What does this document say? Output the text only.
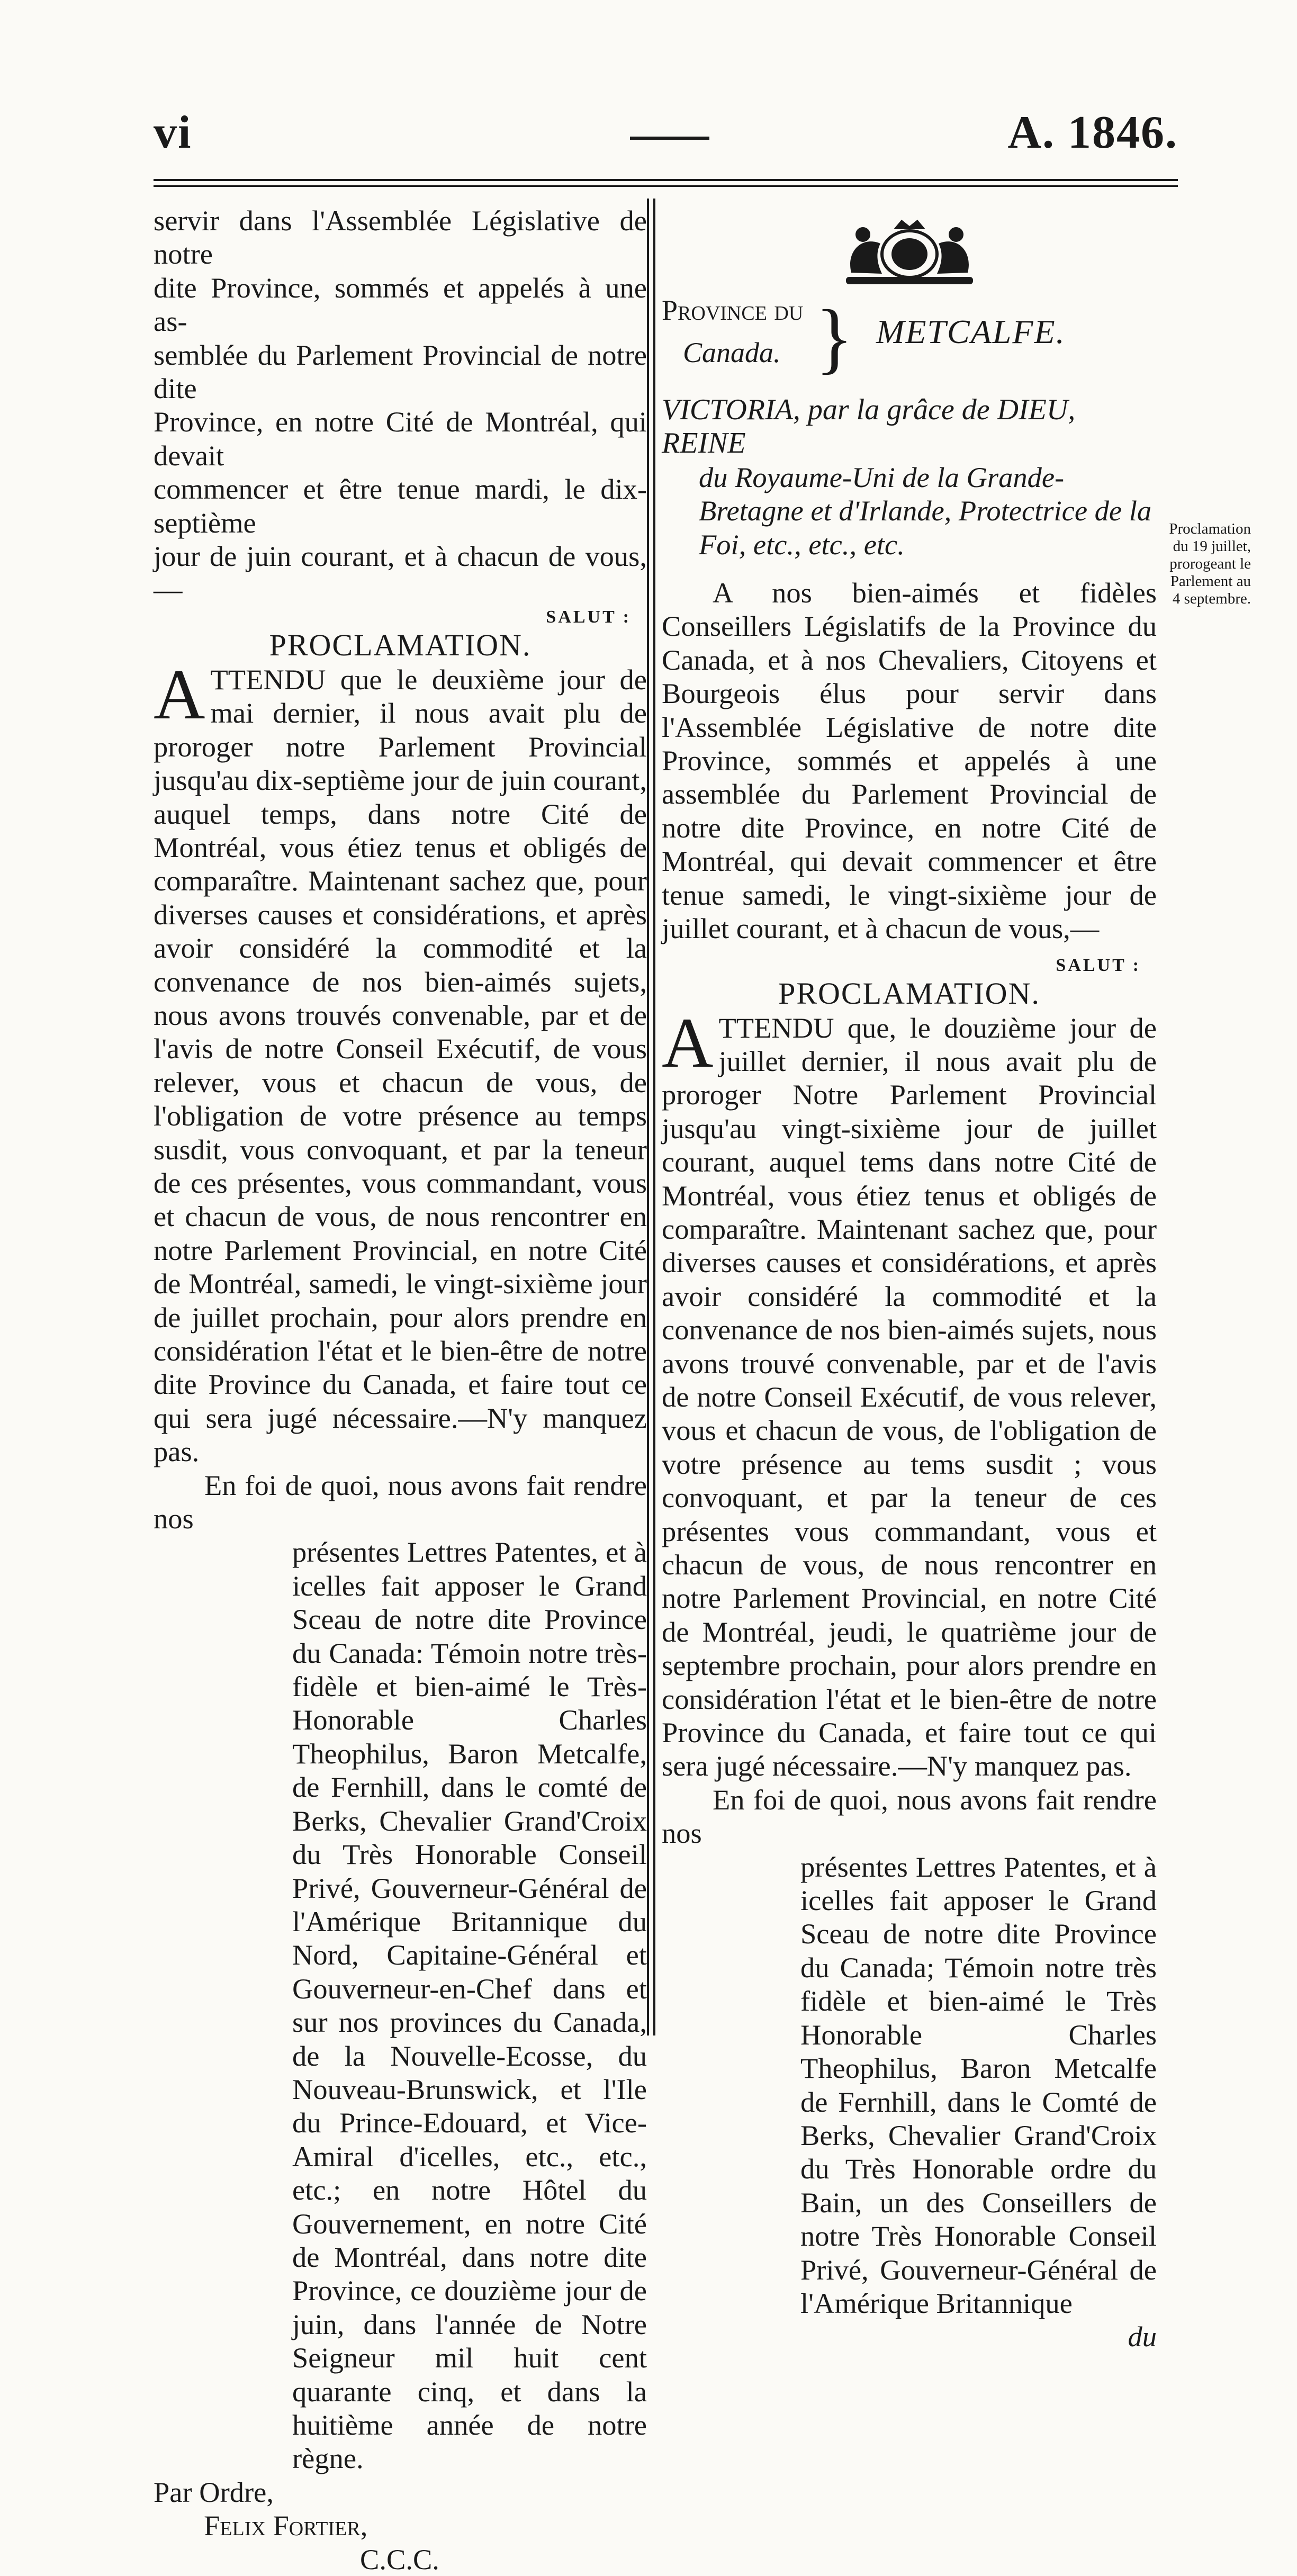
vi	A. 1846.

servir dans l'Assemblée Législative de notre
dite Province, sommés et appelés à une as-
semblée du Parlement Provincial de notre dite
Province, en notre Cité de Montréal, qui devait
commencer et être tenue mardi, le dix-septième
jour de juin courant, et à chacun de vous,—

SALUT :

PROCLAMATION.

A TTENDU que le deuxième jour de mai dernier, il nous avait plu de proroger notre Parlement Provincial jusqu'au dix-septième jour de juin courant, auquel temps, dans notre Cité de Montréal, vous étiez tenus et obligés de comparaître. Maintenant sachez que, pour diverses causes et considérations, et après avoir considéré la commodité et la convenance de nos bien-aimés sujets, nous avons trouvés convenable, par et de l'avis de notre Conseil Exécutif, de vous relever, vous et chacun de vous, de l'obligation de votre présence au temps susdit, vous convoquant, et par la teneur de ces présentes, vous commandant, vous et chacun de vous, de nous rencontrer en notre Parlement Provincial, en notre Cité de Montréal, samedi, le vingt-sixième jour de juillet prochain, pour alors prendre en considération l'état et le bien-être de notre dite Province du Canada, et faire tout ce qui sera jugé nécessaire.—N'y manquez pas.

En foi de quoi, nous avons fait rendre nos

présentes Lettres Patentes, et à icelles fait apposer le Grand Sceau de notre dite Province du Canada: Témoin notre très-fidèle et bien-aimé le Très-Honorable Charles Theophilus, Baron Metcalfe, de Fernhill, dans le comté de Berks, Chevalier Grand'Croix du Très Honorable Conseil Privé, Gouverneur-Général de l'Amérique Britannique du Nord, Capitaine-Général et Gouverneur-en-Chef dans et sur nos provinces du Canada, de la Nouvelle-Ecosse, du Nouveau-Brunswick, et l'Ile du Prince-Edouard, et Vice-Amiral d'icelles, etc., etc., etc.; en notre Hôtel du Gouvernement, en notre Cité de Montréal, dans notre dite Province, ce douzième jour de juin, dans l'année de Notre Seigneur mil huit cent quarante cinq, et dans la huitième année de notre règne.

Par Ordre,

Felix Fortier,

C.C.C.

Province du
Canada. } METCALFE.

VICTORIA, par la grâce de DIEU, REINE
du Royaume-Uni de la Grande-Bretagne et d'Irlande, Protectrice de la Foi, etc., etc., etc.

A nos bien-aimés et fidèles Conseillers Législatifs de la Province du Canada, et à nos Chevaliers, Citoyens et Bourgeois élus pour servir dans l'Assemblée Législative de notre dite Province, sommés et appelés à une assemblée du Parlement Provincial de notre dite Province, en notre Cité de Montréal, qui devait commencer et être tenue samedi, le vingt-sixième jour de juillet courant, et à chacun de vous,—

SALUT :

PROCLAMATION.

A TTENDU que, le douzième jour de juillet dernier, il nous avait plu de proroger Notre Parlement Provincial jusqu'au vingt-sixième jour de juillet courant, auquel tems dans notre Cité de Montréal, vous étiez tenus et obligés de comparaître. Maintenant sachez que, pour diverses causes et considérations, et après avoir considéré la commodité et la convenance de nos bien-aimés sujets, nous avons trouvé convenable, par et de l'avis de notre Conseil Exécutif, de vous relever, vous et chacun de vous, de l'obligation de votre présence au tems susdit ; vous convoquant, et par la teneur de ces présentes vous commandant, vous et chacun de vous, de nous rencontrer en notre Parlement Provincial, en notre Cité de Montréal, jeudi, le quatrième jour de septembre prochain, pour alors prendre en considération l'état et le bien-être de notre Province du Canada, et faire tout ce qui sera jugé nécessaire.—N'y manquez pas.

En foi de quoi, nous avons fait rendre nos

présentes Lettres Patentes, et à icelles fait apposer le Grand Sceau de notre dite Province du Canada; Témoin notre très fidèle et bien-aimé le Très Honorable Charles Theophilus, Baron Metcalfe de Fernhill, dans le Comté de Berks, Chevalier Grand'Croix du Très Honorable ordre du Bain, un des Conseillers de notre Très Honorable Conseil Privé, Gouverneur-Général de l'Amérique Britannique

du

Proclamation du 19 juillet, prorogeant le Parlement au 4 septembre.
